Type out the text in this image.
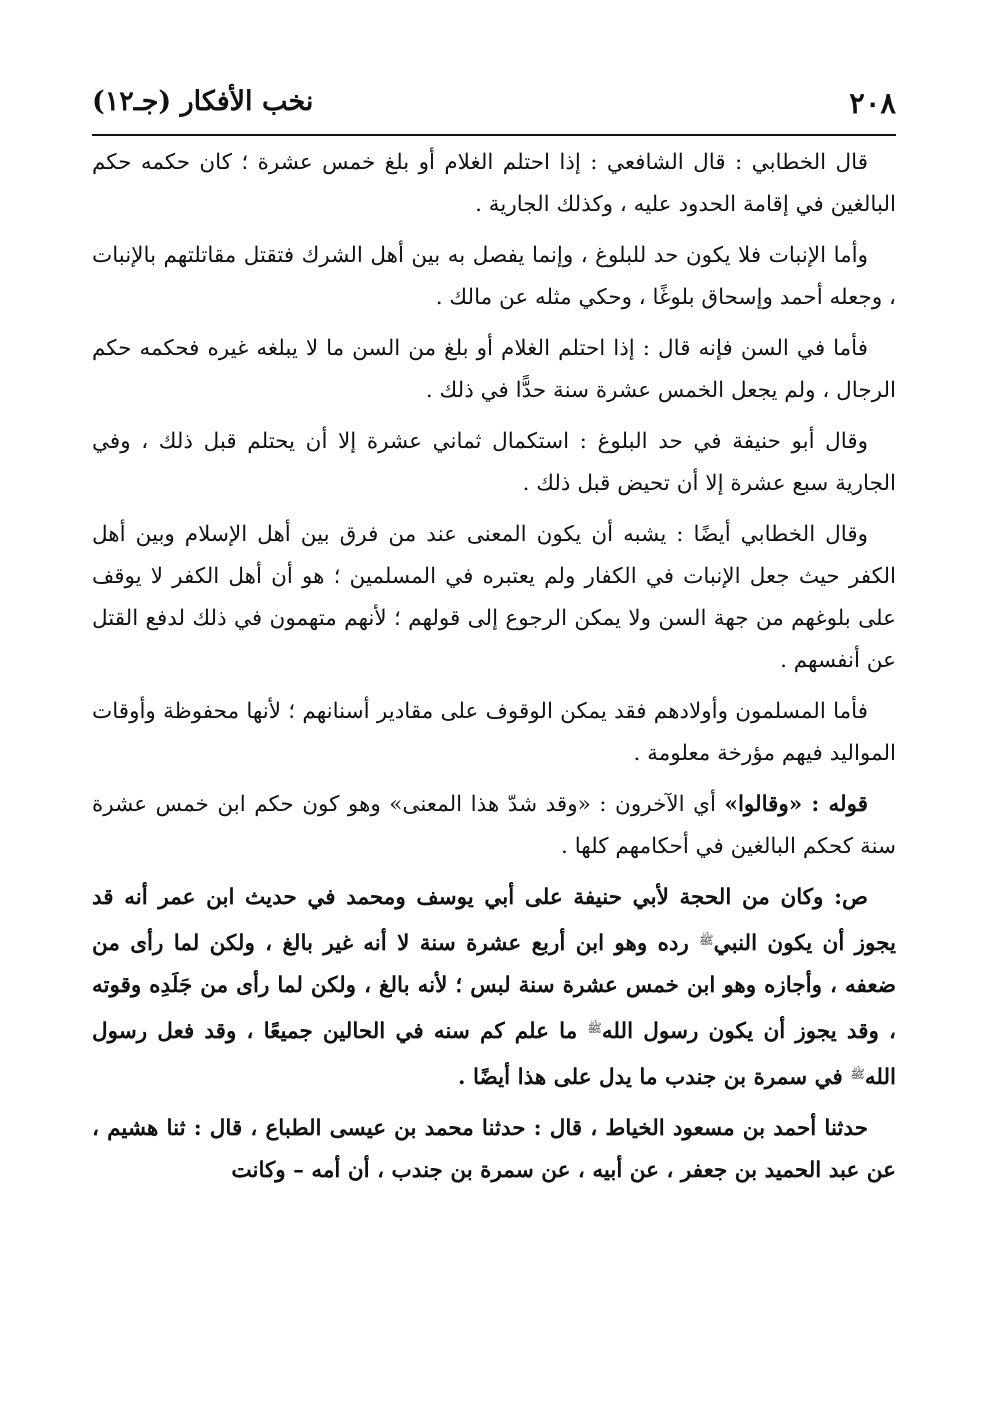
٢٠٨
نخب الأفكار (جـ١٢)

قال الخطابي : قال الشافعي : إذا احتلم الغلام أو بلغ خمس عشرة ؛ كان حكمه حكم البالغين في إقامة الحدود عليه ، وكذلك الجارية .

وأما الإنبات فلا يكون حد للبلوغ ، وإنما يفصل به بين أهل الشرك فتقتل مقاتلتهم بالإنبات ، وجعله أحمد وإسحاق بلوغًا ، وحكي مثله عن مالك .

فأما في السن فإنه قال : إذا احتلم الغلام أو بلغ من السن ما لا يبلغه غيره فحكمه حكم الرجال ، ولم يجعل الخمس عشرة سنة حدًّا في ذلك .

وقال أبو حنيفة في حد البلوغ : استكمال ثماني عشرة إلا أن يحتلم قبل ذلك ، وفي الجارية سبع عشرة إلا أن تحيض قبل ذلك .

وقال الخطابي أيضًا : يشبه أن يكون المعنى عند من فرق بين أهل الإسلام وبين أهل الكفر حيث جعل الإنبات في الكفار ولم يعتبره في المسلمين ؛ هو أن أهل الكفر لا يوقف على بلوغهم من جهة السن ولا يمكن الرجوع إلى قولهم ؛ لأنهم متهمون في ذلك لدفع القتل عن أنفسهم .

فأما المسلمون وأولادهم فقد يمكن الوقوف على مقادير أسنانهم ؛ لأنها محفوظة وأوقات المواليد فيهم مؤرخة معلومة .

قوله : «وقالوا» أي الآخرون : «وقد شدّ هذا المعنى» وهو كون حكم ابن خمس عشرة سنة كحكم البالغين في أحكامهم كلها .

ص: وكان من الحجة لأبي حنيفة على أبي يوسف ومحمد في حديث ابن عمر أنه قد يجوز أن يكون النبي$^ﷺ$ رده وهو ابن أربع عشرة سنة لا أنه غير بالغ ، ولكن لما رأى من ضعفه ، وأجازه وهو ابن خمس عشرة سنة لبس ؛ لأنه بالغ ، ولكن لما رأى من جَلَدِه وقوته ، وقد يجوز أن يكون رسول الله$^ﷺ$ ما علم كم سنه في الحالين جميعًا ، وقد فعل رسول الله$^ﷺ$ في سمرة بن جندب ما يدل على هذا أيضًا .

حدثنا أحمد بن مسعود الخياط ، قال : حدثنا محمد بن عيسى الطباع ، قال : ثنا هشيم ، عن عبد الحميد بن جعفر ، عن أبيه ، عن سمرة بن جندب ، أن أمه – وكانت
